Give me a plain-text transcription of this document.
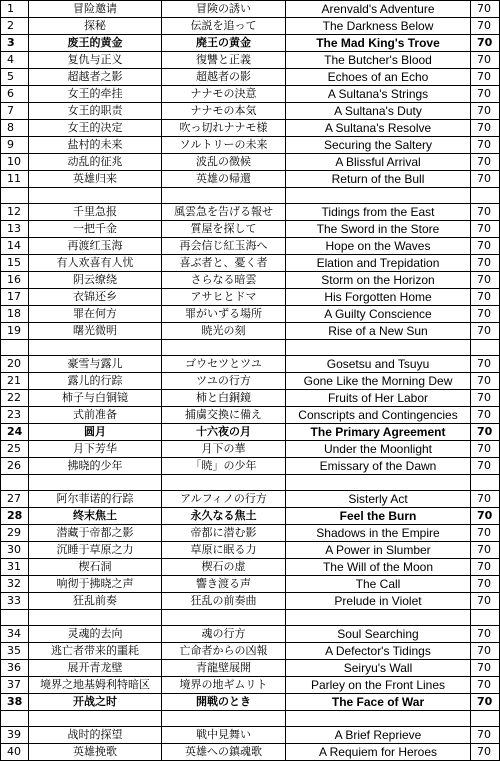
1	冒险邀请	冒険の誘い	Arenvald's Adventure	70
2	探秘	伝説を追って	The Darkness Below	70
3	废王的黄金	廃王の黄金	The Mad King's Trove	70
4	复仇与正义	復讐と正義	The Butcher's Blood	70
5	超越者之影	超越者の影	Echoes of an Echo	70
6	女王的牵挂	ナナモの決意	A Sultana's Strings	70
7	女王的职责	ナナモの本気	A Sultana's Duty	70
8	女王的决定	吹っ切れナナモ様	A Sultana's Resolve	70
9	盐村的未来	ソルトリーの未来	Securing the Saltery	70
10	动乱的征兆	波乱の徴候	A Blissful Arrival	70
11	英雄归来	英雄の帰還	Return of the Bull	70

12	千里急报	風雲急を告げる報せ	Tidings from the East	70
13	一把千金	質屋を探して	The Sword in the Store	70
14	再渡红玉海	再会信じ紅玉海へ	Hope on the Waves	70
15	有人欢喜有人忧	喜ぶ者と、憂く者	Elation and Trepidation	70
16	阴云缭绕	さらなる暗雲	Storm on the Horizon	70
17	衣锦还乡	アサヒとドマ	His Forgotten Home	70
18	罪在何方	罪がいずる場所	A Guilty Conscience	70
19	曙光微明	暁光の刻	Rise of a New Sun	70

20	豪雪与露儿	ゴウセツとツユ	Gosetsu and Tsuyu	70
21	露儿的行踪	ツユの行方	Gone Like the Morning Dew	70
22	柿子与白铜镜	柿と白銅鏡	Fruits of Her Labor	70
23	式前准备	捕虜交換に備え	Conscripts and Contingencies	70
24	圆月	十六夜の月	The Primary Agreement	70
25	月下芳华	月下の華	Under the Moonlight	70
26	拂晓的少年	「暁」の少年	Emissary of the Dawn	70

27	阿尔菲诺的行踪	アルフィノの行方	Sisterly Act	70
28	终末焦土	永久なる焦土	Feel the Burn	70
29	潜藏于帝都之影	帝都に潜む影	Shadows in the Empire	70
30	沉睡于草原之力	草原に眠る力	A Power in Slumber	70
31	楔石洞	楔石の虚	The Will of the Moon	70
32	响彻于拂晓之声	響き渡る声	The Call	70
33	狂乱前奏	狂乱の前奏曲	Prelude in Violet	70

34	灵魂的去向	魂の行方	Soul Searching	70
35	逃亡者带来的噩耗	亡命者からの凶報	A Defector's Tidings	70
36	展开青龙壁	青龍壁展開	Seiryu's Wall	70
37	境界之地基姆利特暗区	境界の地ギムリト	Parley on the Front Lines	70
38	开战之时	開戦のとき	The Face of War	70

39	战时的探望	戦中見舞い	A Brief Reprieve	70
40	英雄挽歌	英雄への鎮魂歌	A Requiem for Heroes	70
